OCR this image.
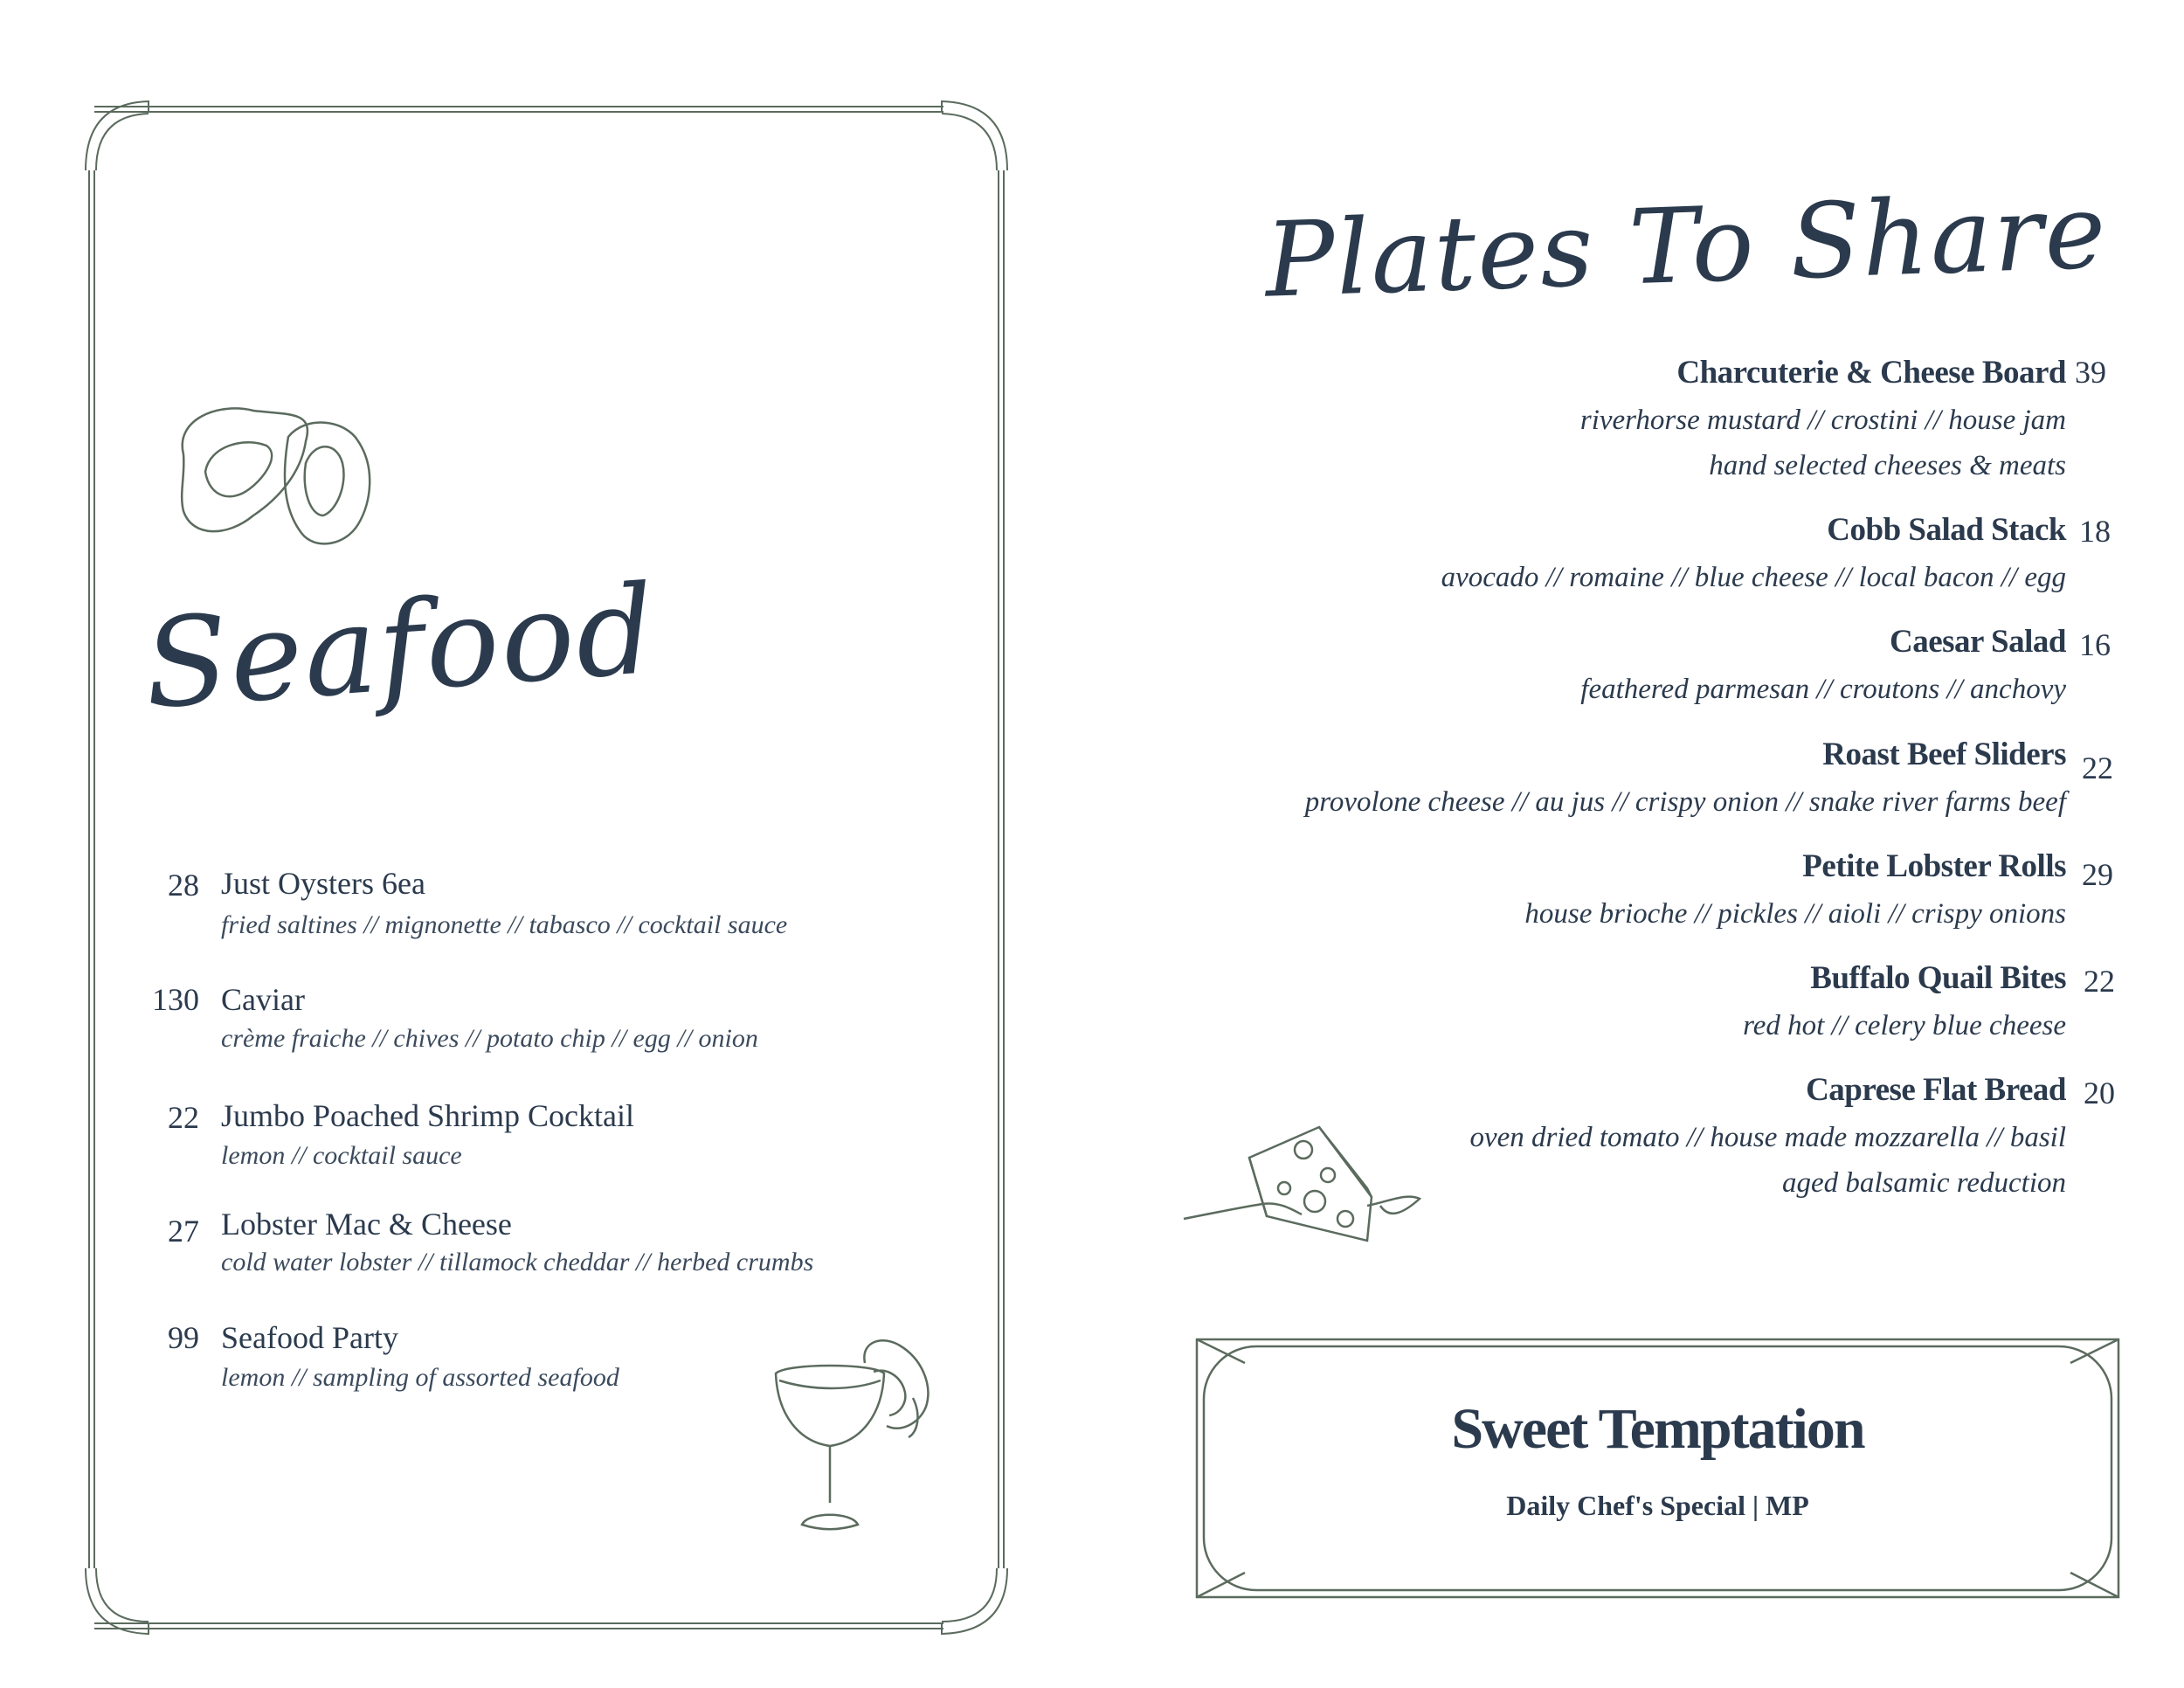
Seafood
28 Just Oysters 6ea
fried saltines // mignonette // tabasco // cocktail sauce
130 Caviar
crème fraiche // chives // potato chip // egg // onion
22 Jumbo Poached Shrimp Cocktail
lemon // cocktail sauce
27 Lobster Mac & Cheese
cold water lobster // tillamock cheddar // herbed crumbs
99 Seafood Party
lemon // sampling of assorted seafood
Plates To Share
Charcuterie & Cheese Board 39
riverhorse mustard // crostini // house jam
hand selected cheeses & meats
Cobb Salad Stack 18
avocado // romaine // blue cheese // local bacon // egg
Caesar Salad 16
feathered parmesan // croutons // anchovy
Roast Beef Sliders 22
provolone cheese // au jus // crispy onion // snake river farms beef
Petite Lobster Rolls 29
house brioche // pickles // aioli // crispy onions
Buffalo Quail Bites 22
red hot // celery blue cheese
Caprese Flat Bread 20
oven dried tomato // house made mozzarella // basil
aged balsamic reduction
Sweet Temptation
Daily Chef's Special | MP
